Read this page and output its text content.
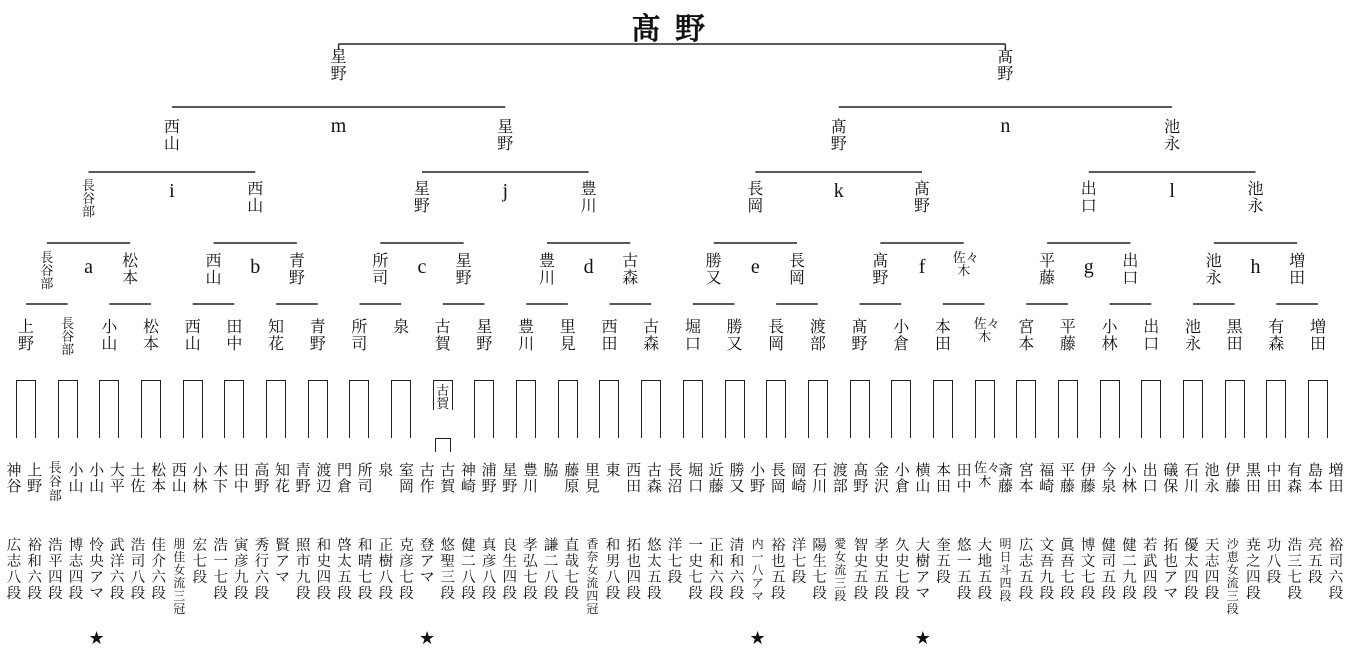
髙野
星野
髙野
m	n
西山
星野
髙野
池永
i	j	k	l
長谷部
西山
星野
豊川
長岡
髙野
出口
池永
a	b	c	d	e	f	g	h
長谷部
松本
西山
青野
所司
星野
豊川
古森
勝又
長岡
髙野
佐々木
平藤
出口
池永
増田
上野
長谷部
小山
松本
西山
田中
知花
青野
所司
泉 古賀
星野
豊川
里見
西田
古森
堀口
勝又
長岡
渡部
髙野
小倉
本田
佐々木
宮本
平藤
小林
出口
池永
黒田
有森
増田
神谷
広志八段
上野
裕和六段
長谷部
浩平四段
小山
博志四段
小山
怜央アマ
★
大平
武洋六段
土佐
浩司八段
松本
佳介六段
西山
朋佳女流三冠
小林
宏七段
木下
浩一七段
田中
寅彦九段
高野
秀行六段
知花
賢アマ
青野
照市九段
渡辺
和史四段
門倉
啓太五段
所司
和晴七段
泉
正樹八段
室岡
克彦七段
古作
登アマ
★
古賀
悠聖三段
神崎
健二八段
浦野
真彦八段
星野
良生四段
豊川
孝弘七段
脇
謙二八段
藤原
直哉七段
里見
香奈女流四冠
東
和男八段
西田
拓也四段
古森
悠太五段
長沼
洋七段
堀口
一史七段
近藤
正和六段
勝又
清和六段
小野
内一八アマ
★
長岡
裕也五段
岡崎
洋七段
石川
陽生七段
渡部
愛女流三段
髙野
智史五段
金沢
孝史五段
小倉
久史七段
横山
大樹アマ
★
本田
奎五段
田中
悠一五段
佐々木
大地五段
斎藤
明日斗四段
宮本
広志五段
福崎
文吾九段
平藤
眞吾七段
伊藤
博文七段
今泉
健司五段
小林
健二九段
出口
若武四段
礒保
拓也アマ
石川
優太四段
池永
天志四段
伊藤
沙恵女流三段
黒田
尭之四段
中田
功八段
有森
浩三七段
島本
亮五段
増田
裕司六段
古賀
